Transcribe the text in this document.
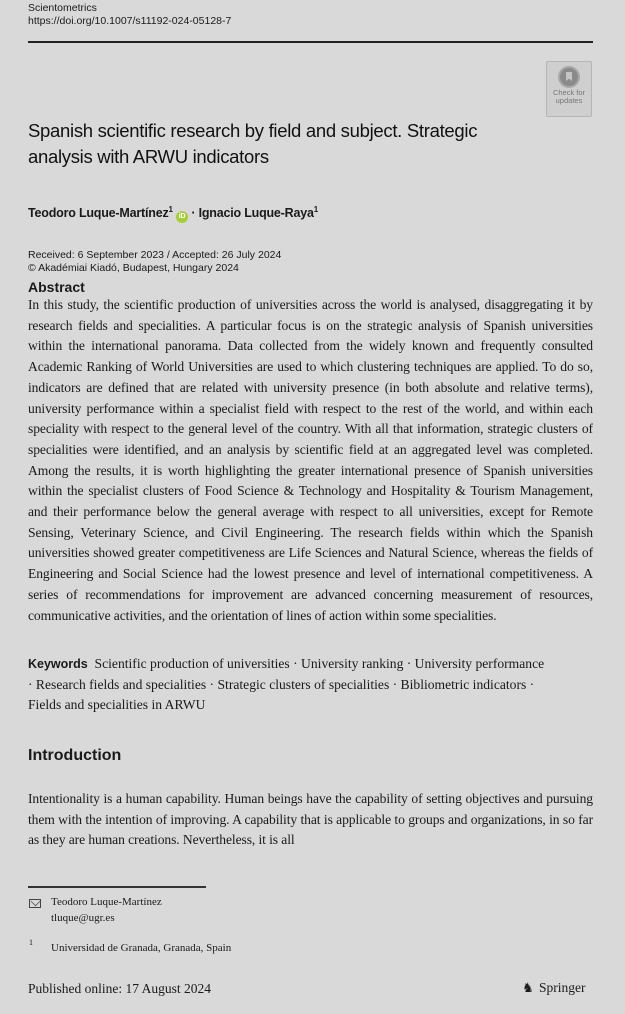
Scientometrics
https://doi.org/10.1007/s11192-024-05128-7
Check for
updates
Spanish scientific research by field and subject. Strategic analysis with ARWU indicators
Teodoro Luque-Martínez$^1$ iD · Ignacio Luque-Raya$^1$
Received: 6 September 2023 / Accepted: 26 July 2024
© Akadémiai Kiadó, Budapest, Hungary 2024
Abstract
In this study, the scientific production of universities across the world is analysed, disaggregating it by research fields and specialities. A particular focus is on the strategic analysis of Spanish universities within the international panorama. Data collected from the widely known and frequently consulted Academic Ranking of World Universities are used to which clustering techniques are applied. To do so, indicators are defined that are related with university presence (in both absolute and relative terms), university performance within a specialist field with respect to the rest of the world, and within each speciality with respect to the general level of the country. With all that information, strategic clusters of specialities were identified, and an analysis by scientific field at an aggregated level was completed. Among the results, it is worth highlighting the greater international presence of Spanish universities within the specialist clusters of Food Science & Technology and Hospitality & Tourism Management, and their performance below the general average with respect to all universities, except for Remote Sensing, Veterinary Science, and Civil Engineering. The research fields within which the Spanish universities showed greater competitiveness are Life Sciences and Natural Science, whereas the fields of Engineering and Social Science had the lowest presence and level of international competitiveness. A series of recommendations for improvement are advanced concerning measurement of resources, communicative activities, and the orientation of lines of action within some specialities.
Keywords Scientific production of universities · University ranking · University performance · Research fields and specialities · Strategic clusters of specialities · Bibliometric indicators · Fields and specialities in ARWU
Introduction
Intentionality is a human capability. Human beings have the capability of setting objectives and pursuing them with the intention of improving. A capability that is applicable to groups and organizations, in so far as they are human creations. Nevertheless, it is all
Teodoro Luque-Martínez
tluque@ugr.es
1 Universidad de Granada, Granada, Spain
Published online: 17 August 2024	♞ Springer
